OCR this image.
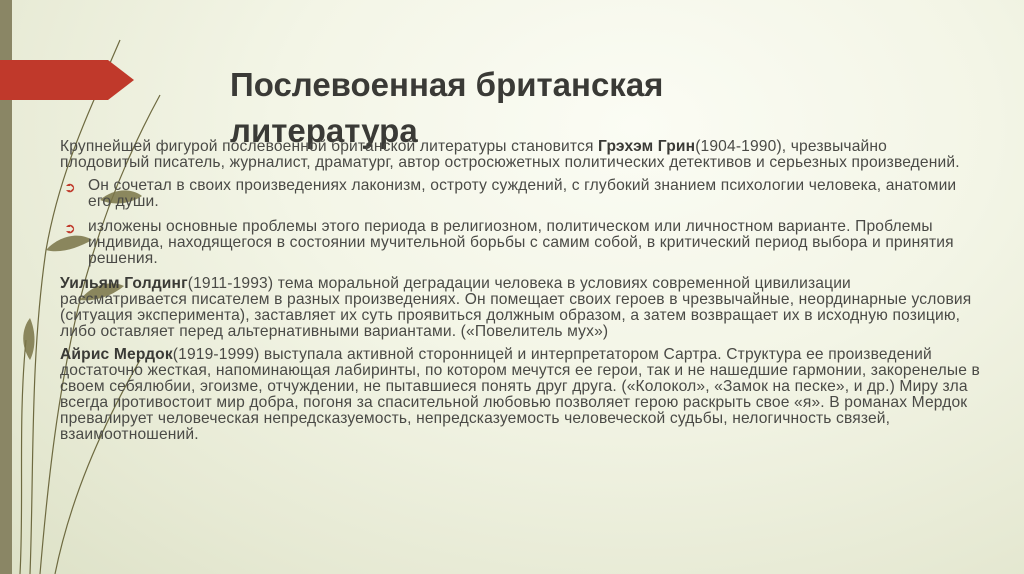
Послевоенная британская
литература

Крупнейшей фигурой послевоенной британской литературы становится Грэхэм Грин(1904-1990), чрезвычайно плодовитый писатель, журналист, драматург, автор остросюжетных политических детективов и серьезных произведений.

➲ Он сочетал в своих произведениях лаконизм, остроту суждений, с глубокий знанием психологии человека, анатомии его души.

➲ изложены основные проблемы этого периода в религиозном, политическом или личностном варианте. Проблемы индивида, находящегося в состоянии мучительной борьбы с самим собой, в критический период выбора и принятия решения.

Уильям Голдинг(1911-1993) тема моральной деградации человека в условиях современной цивилизации рассматривается писателем в разных произведениях. Он помещает своих героев в чрезвычайные, неординарные условия (ситуация эксперимента), заставляет их суть проявиться должным образом, а затем возвращает их в исходную позицию, либо оставляет перед альтернативными вариантами. («Повелитель мух»)

Айрис Мердок(1919-1999) выступала активной сторонницей и интерпретатором Сартра. Структура ее произведений достаточно жесткая, напоминающая лабиринты, по котором мечутся ее герои, так и не нашедшие гармонии, закоренелые в своем себялюбии, эгоизме, отчуждении, не пытавшиеся понять друг друга. («Колокол», «Замок на песке», и др.) Миру зла всегда противостоит мир добра, погоня за спасительной любовью позволяет герою раскрыть свое «я». В романах Мердок превалирует человеческая непредсказуемость, непредсказуемость человеческой судьбы, нелогичность связей, взаимоотношений.
